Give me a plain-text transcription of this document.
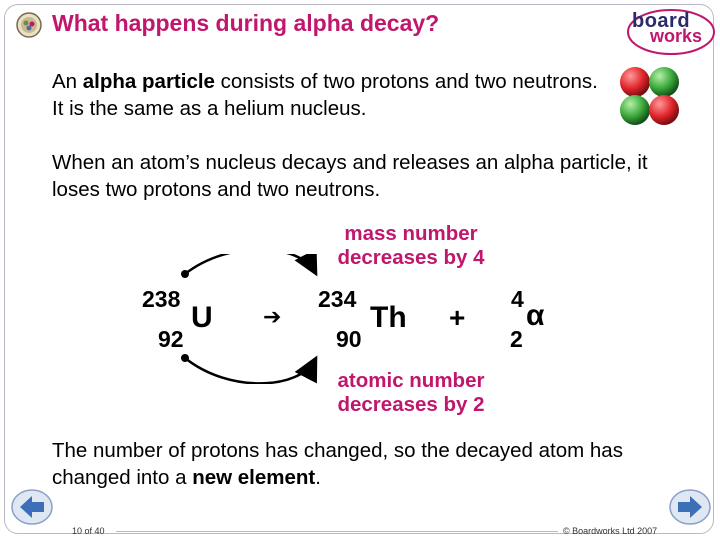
What happens during alpha decay?	board
works
An alpha particle consists of two protons and two neutrons. It is the same as a helium nucleus.
When an atom’s nucleus decays and releases an alpha particle, it loses two protons and two neutrons.
mass number decreases by 4
238
92
U ➔
234
90
Th +
4
2
α
atomic number decreases by 2
The number of protons has changed, so the decayed atom has changed into a new element.
10 of 40	© Boardworks Ltd 2007
